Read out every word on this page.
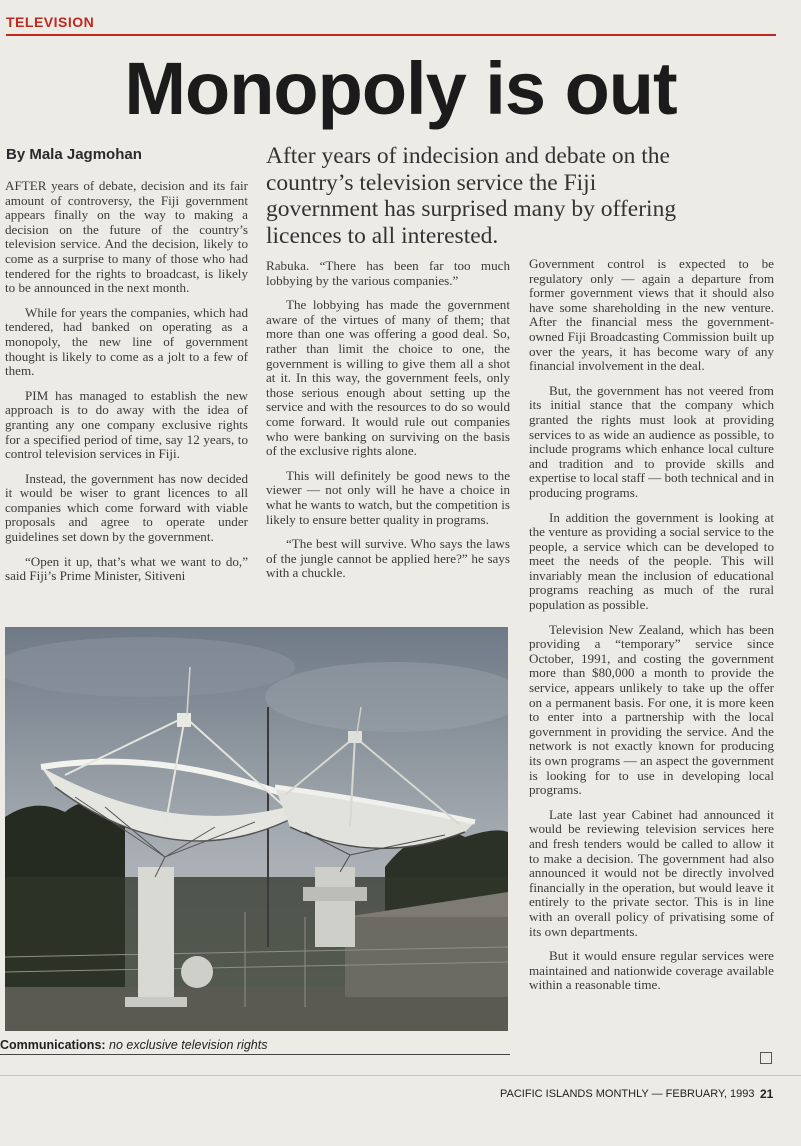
TELEVISION
Monopoly is out
By Mala Jagmohan	After years of indecision and debate on the country’s television service the Fiji government has surprised many by offering licences to all interested.

AFTER years of debate, decision and its fair amount of controversy, the Fiji government appears finally on the way to making a decision on the future of the country’s television service. And the decision, likely to come as a surprise to many of those who had tendered for the rights to broadcast, is likely to be announced in the next month.

While for years the companies, which had tendered, had banked on operating as a monopoly, the new line of government thought is likely to come as a jolt to a few of them.

PIM has managed to establish the new approach is to do away with the idea of granting any one company exclusive rights for a specified period of time, say 12 years, to control television services in Fiji.

Instead, the government has now decided it would be wiser to grant licences to all companies which come forward with viable proposals and agree to operate under guidelines set down by the government.

“Open it up, that’s what we want to do,” said Fiji’s Prime Minister, Sitiveni

Rabuka. “There has been far too much lobbying by the various companies.”

The lobbying has made the government aware of the virtues of many of them; that more than one was offering a good deal. So, rather than limit the choice to one, the government is willing to give them all a shot at it. In this way, the government feels, only those serious enough about setting up the service and with the resources to do so would come forward. It would rule out companies who were banking on surviving on the basis of the exclusive rights alone.

This will definitely be good news to the viewer — not only will he have a choice in what he wants to watch, but the competition is likely to ensure better quality in programs.

“The best will survive. Who says the laws of the jungle cannot be applied here?” he says with a chuckle.

Government control is expected to be regulatory only — again a departure from former government views that it should also have some shareholding in the new venture. After the financial mess the government-owned Fiji Broadcasting Commission built up over the years, it has become wary of any financial involvement in the deal.

But, the government has not veered from its initial stance that the company which granted the rights must look at providing services to as wide an audience as possible, to include programs which enhance local culture and tradition and to provide skills and expertise to local staff — both technical and in producing programs.

In addition the government is looking at the venture as providing a social service to the people, a service which can be developed to meet the needs of the people. This will invariably mean the inclusion of educational programs reaching as much of the rural population as possible.

Television New Zealand, which has been providing a “temporary” service since October, 1991, and costing the government more than $80,000 a month to provide the service, appears unlikely to take up the offer on a permanent basis. For one, it is more keen to enter into a partnership with the local government in providing the service. And the network is not exactly known for producing its own programs — an aspect the government is looking for to use in developing local programs.

Late last year Cabinet had announced it would be reviewing television services here and fresh tenders would be called to allow it to make a decision. The government had also announced it would not be directly involved financially in the operation, but would leave it entirely to the private sector. This is in line with an overall policy of privatising some of its own departments.

But it would ensure regular services were maintained and nationwide coverage available within a reasonable time.

Communications: no exclusive television rights
PACIFIC ISLANDS MONTHLY — FEBRUARY, 1993 21
